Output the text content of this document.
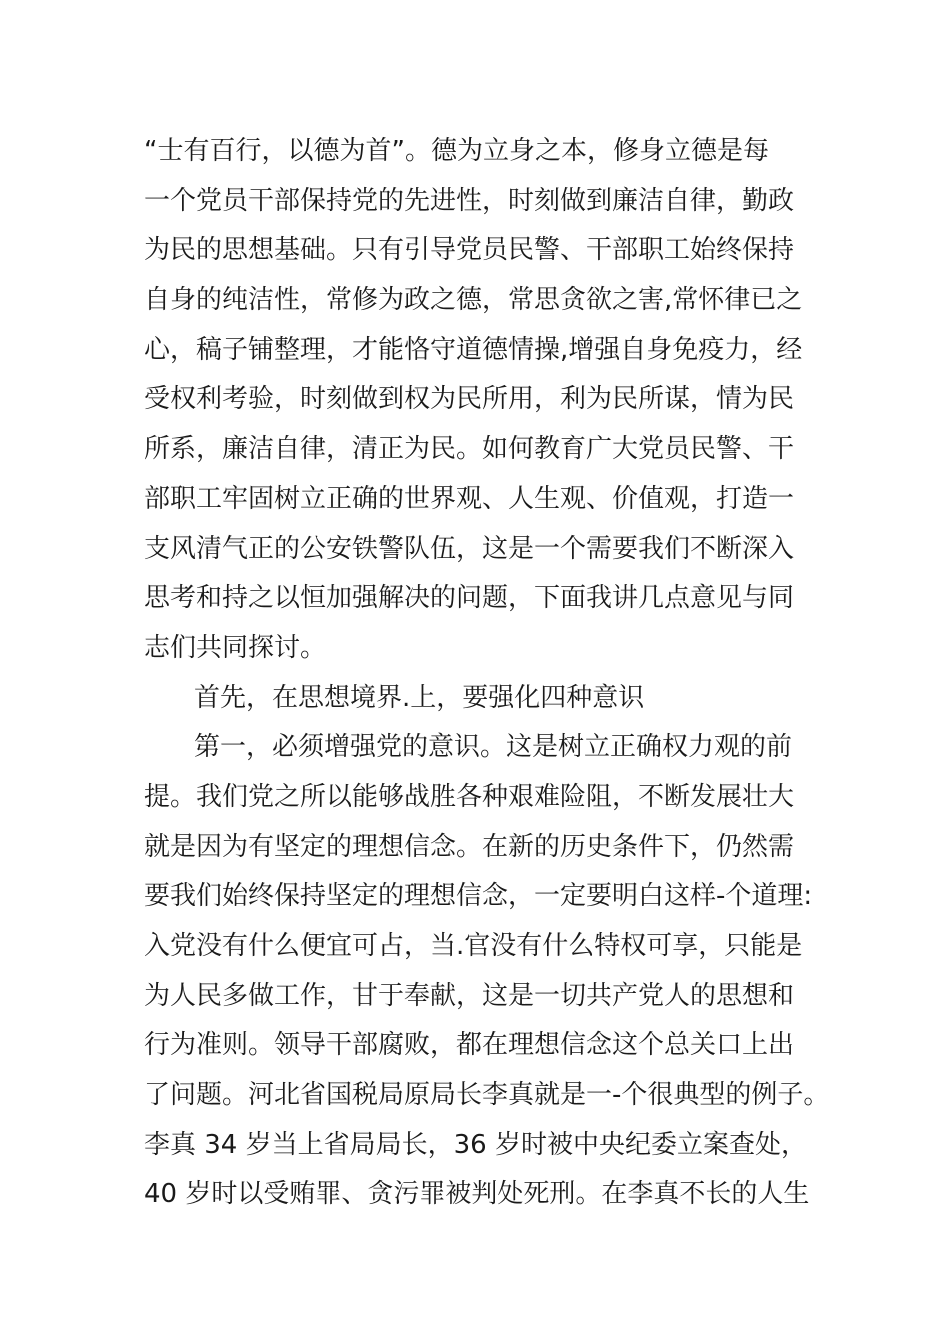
“士有百行，以德为首”。德为立身之本，修身立德是每
一个党员干部保持党的先进性，时刻做到廉洁自律，勤政
为民的思想基础。只有引导党员民警、干部职工始终保持
自身的纯洁性，常修为政之德，常思贪欲之害,常怀律已之
心，稿子铺整理，才能恪守道德情操,增强自身免疫力，经
受权利考验，时刻做到权为民所用，利为民所谋，情为民
所系，廉洁自律，清正为民。如何教育广大党员民警、干
部职工牢固树立正确的世界观、人生观、价值观，打造一
支风清气正的公安铁警队伍，这是一个需要我们不断深入
思考和持之以恒加强解决的问题，下面我讲几点意见与同
志们共同探讨。
首先，在思想境界.上，要强化四种意识
第一，必须增强党的意识。这是树立正确权力观的前
提。我们党之所以能够战胜各种艰难险阻，不断发展壮大
就是因为有坚定的理想信念。在新的历史条件下，仍然需
要我们始终保持坚定的理想信念，一定要明白这样-个道理:
入党没有什么便宜可占，当.官没有什么特权可享，只能是
为人民多做工作，甘于奉献，这是一切共产党人的思想和
行为准则。领导干部腐败，都在理想信念这个总关口上出
了问题。河北省国税局原局长李真就是一-个很典型的例子。
李真 34 岁当上省局局长，36 岁时被中央纪委立案查处，
40 岁时以受贿罪、贪污罪被判处死刑。在李真不长的人生
